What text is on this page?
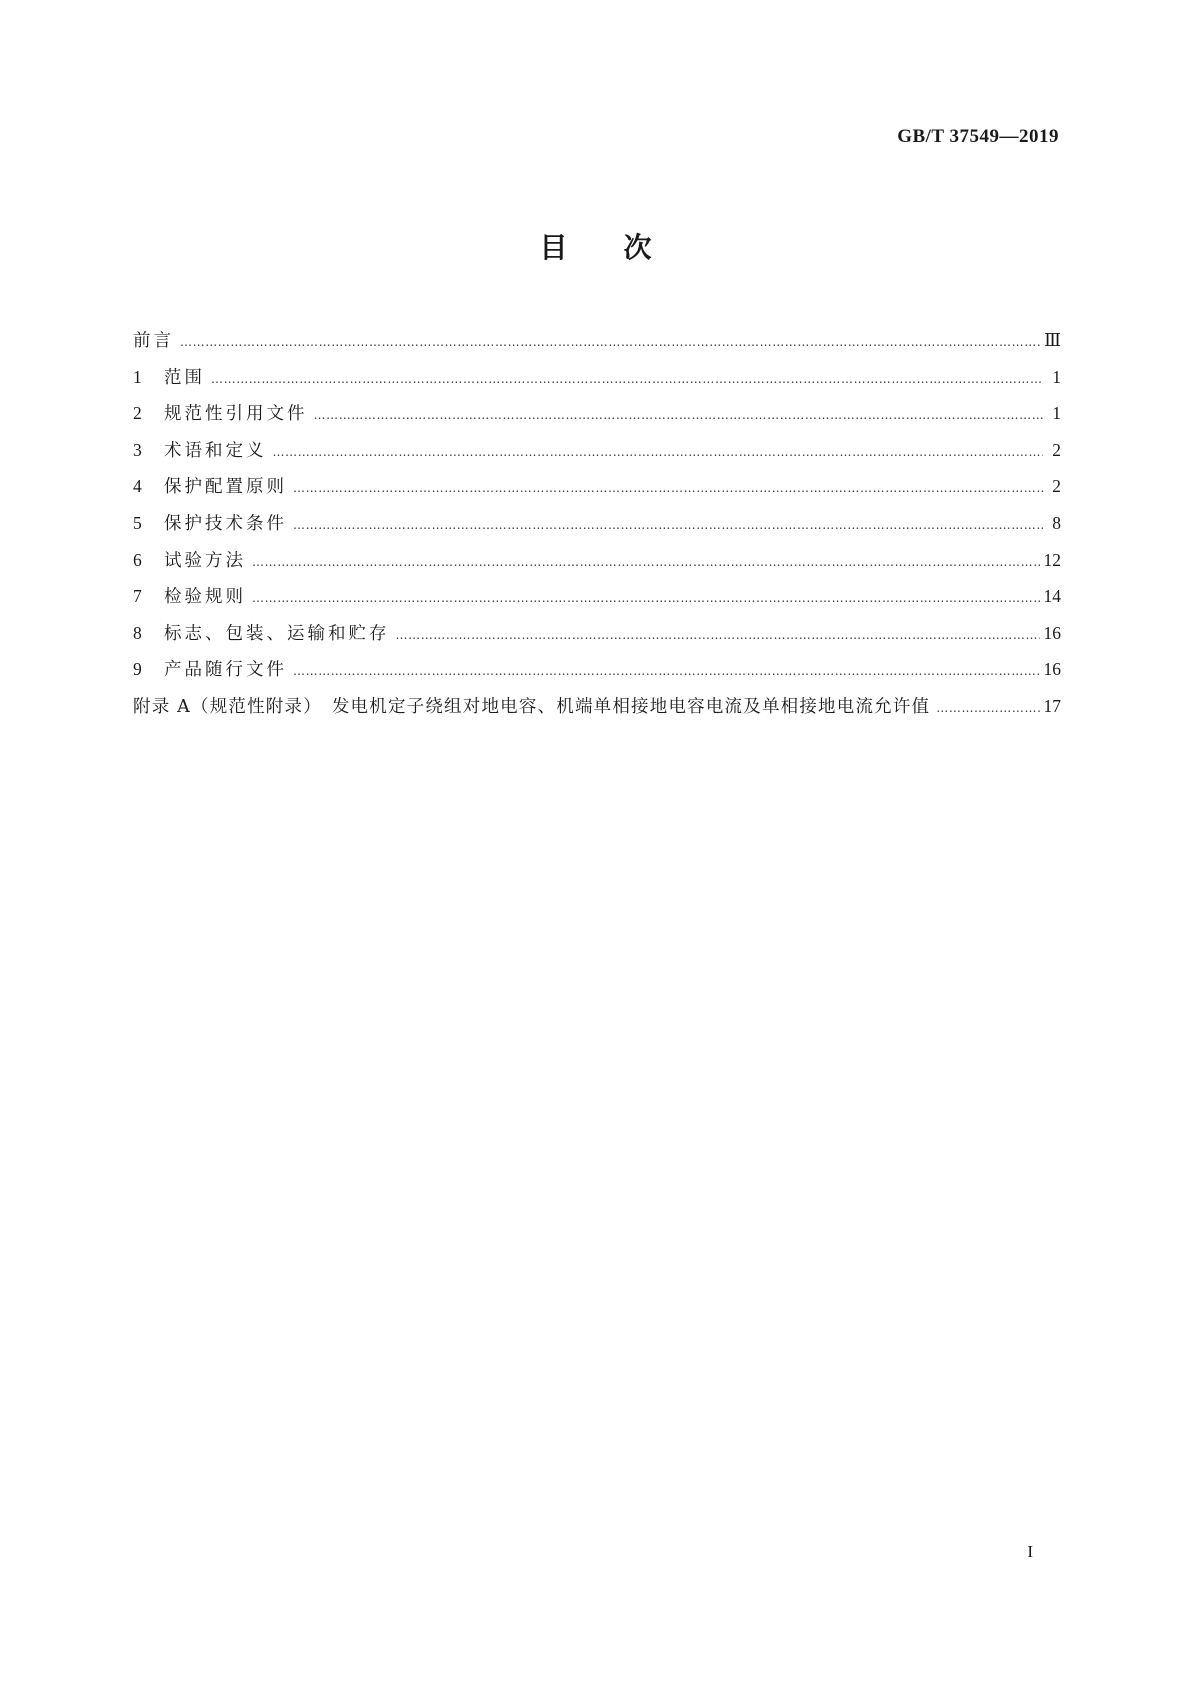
GB/T 37549—2019
目 次
前言 ……………………………………………………………………………………………………………………………………………………………………………………………………………………	Ⅲ
1	范围 ……………………………………………………………………………………………………………………………………………………………………………………………………………………	1
2	规范性引用文件 ……………………………………………………………………………………………………………………………………………………………………………………………………………………	1
3	术语和定义 ……………………………………………………………………………………………………………………………………………………………………………………………………………………	2
4	保护配置原则 ……………………………………………………………………………………………………………………………………………………………………………………………………………………	2
5	保护技术条件 ……………………………………………………………………………………………………………………………………………………………………………………………………………………	8
6	试验方法 ……………………………………………………………………………………………………………………………………………………………………………………………………………………	12
7	检验规则 ……………………………………………………………………………………………………………………………………………………………………………………………………………………	14
8	标志、包装、运输和贮存 ……………………………………………………………………………………………………………………………………………………………………………………………………………………	16
9	产品随行文件 ……………………………………………………………………………………………………………………………………………………………………………………………………………………	16
附录 A（规范性附录）　发电机定子绕组对地电容、机端单相接地电容电流及单相接地电流允许值 ……………………………………………………………………………………………………………………………………………………………………………………………………………………	17
I
